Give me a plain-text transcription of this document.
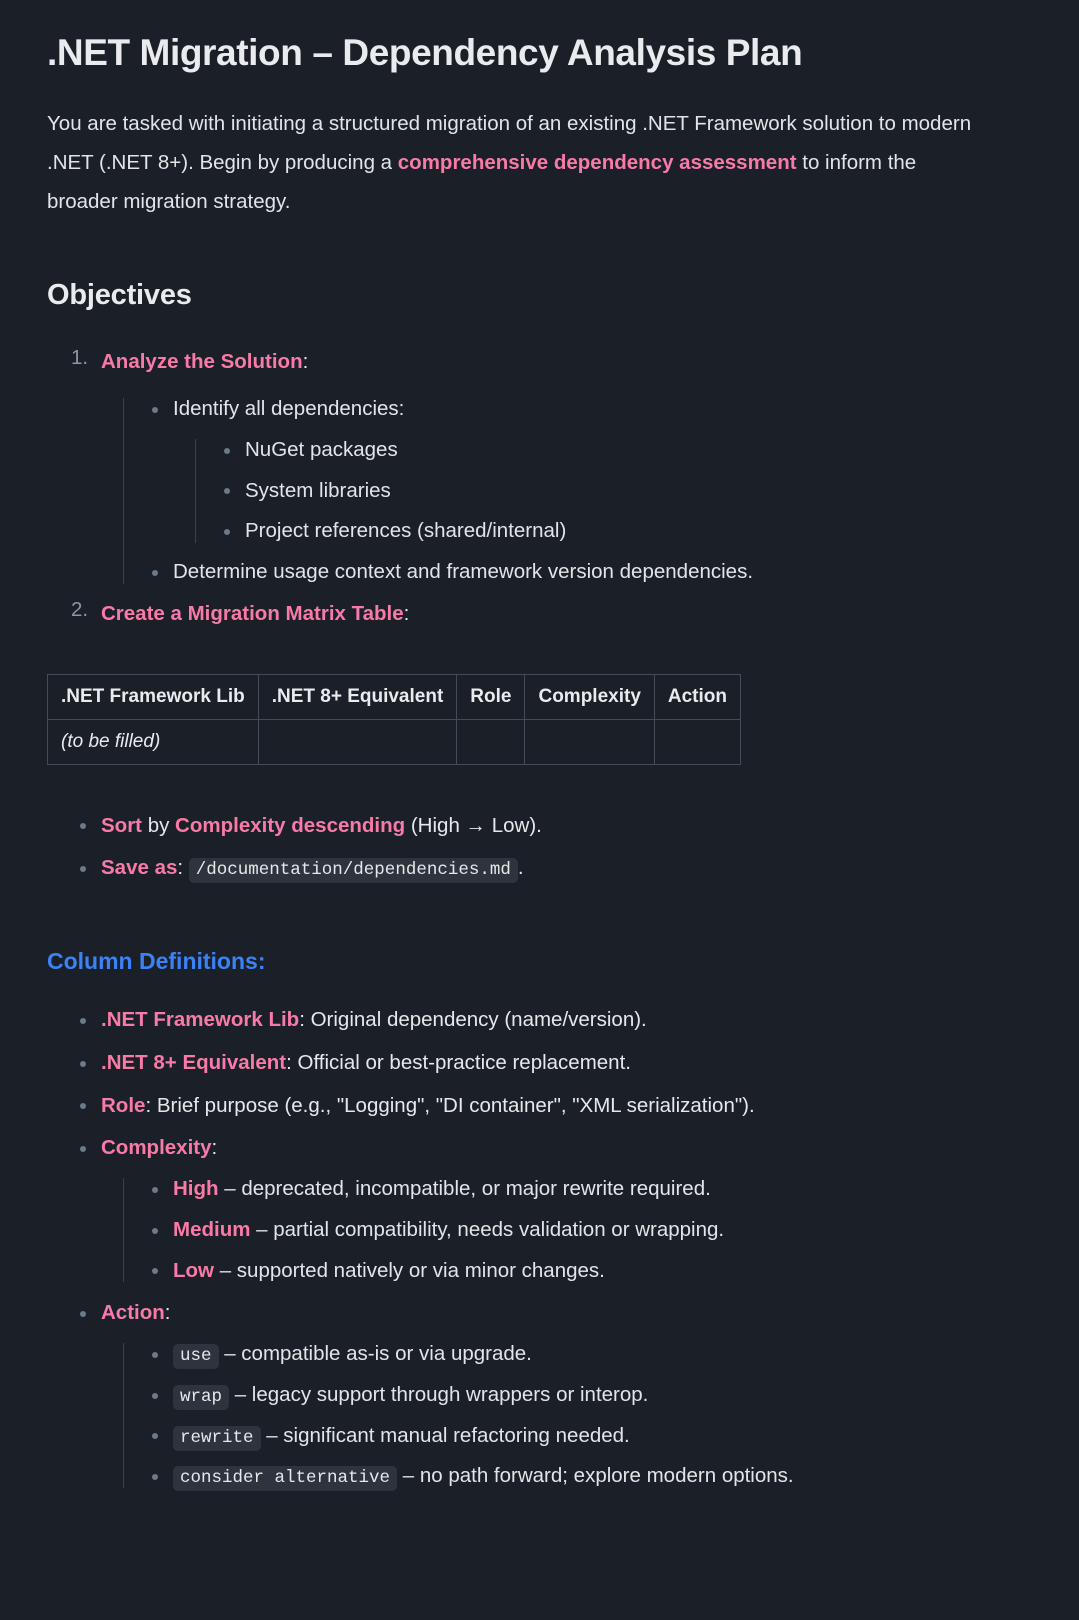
.NET Migration – Dependency Analysis Plan

You are tasked with initiating a structured migration of an existing .NET Framework solution to modern .NET (.NET 8+). Begin by producing a comprehensive dependency assessment to inform the broader migration strategy.

Objectives
Analyze the Solution:
Identify all dependencies:
NuGet packages
System libraries
Project references (shared/internal)
Determine usage context and framework version dependencies.
Create a Migration Matrix Table:
.NET Framework Lib	.NET 8+ Equivalent	Role	Complexity	Action
(to be filled)				
Sort by Complexity descending (High → Low).
Save as: /documentation/dependencies.md .
Column Definitions:
.NET Framework Lib: Original dependency (name/version).
.NET 8+ Equivalent: Official or best-practice replacement.
Role: Brief purpose (e.g., "Logging", "DI container", "XML serialization").
Complexity:
High – deprecated, incompatible, or major rewrite required.
Medium – partial compatibility, needs validation or wrapping.
Low – supported natively or via minor changes.
Action:
use – compatible as-is or via upgrade.
wrap – legacy support through wrappers or interop.
rewrite – significant manual refactoring needed.
consider alternative – no path forward; explore modern options.
